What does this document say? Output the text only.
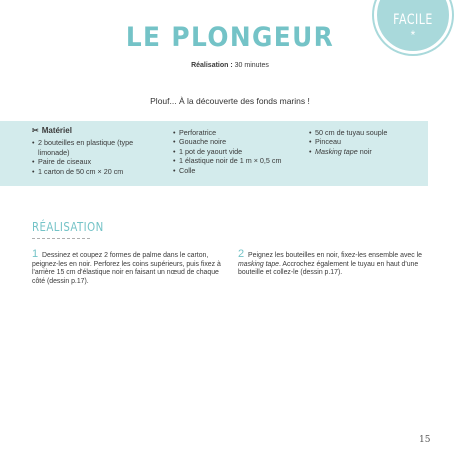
FACILE
*
LE PLONGEUR
Réalisation : 30 minutes
Plouf... À la découverte des fonds marins !
✂ Matériel
• 2 bouteilles en plastique (type limonade)
• Paire de ciseaux
• 1 carton de 50 cm × 20 cm
• Perforatrice
• Gouache noire
• 1 pot de yaourt vide
• 1 élastique noir de 1 m × 0,5 cm
• Colle
• 50 cm de tuyau souple
• Pinceau
• Masking tape noir
RÉALISATION
1 Dessinez et coupez 2 formes de palme dans le carton, peignez-les en noir. Perforez les coins supérieurs, puis fixez à l'arrière 15 cm d'élastique noir en faisant un nœud de chaque côté (dessin p.17).
2 Peignez les bouteilles en noir, fixez-les ensemble avec le masking tape. Accrochez également le tuyau en haut d'une bouteille et collez-le (dessin p.17).
15
